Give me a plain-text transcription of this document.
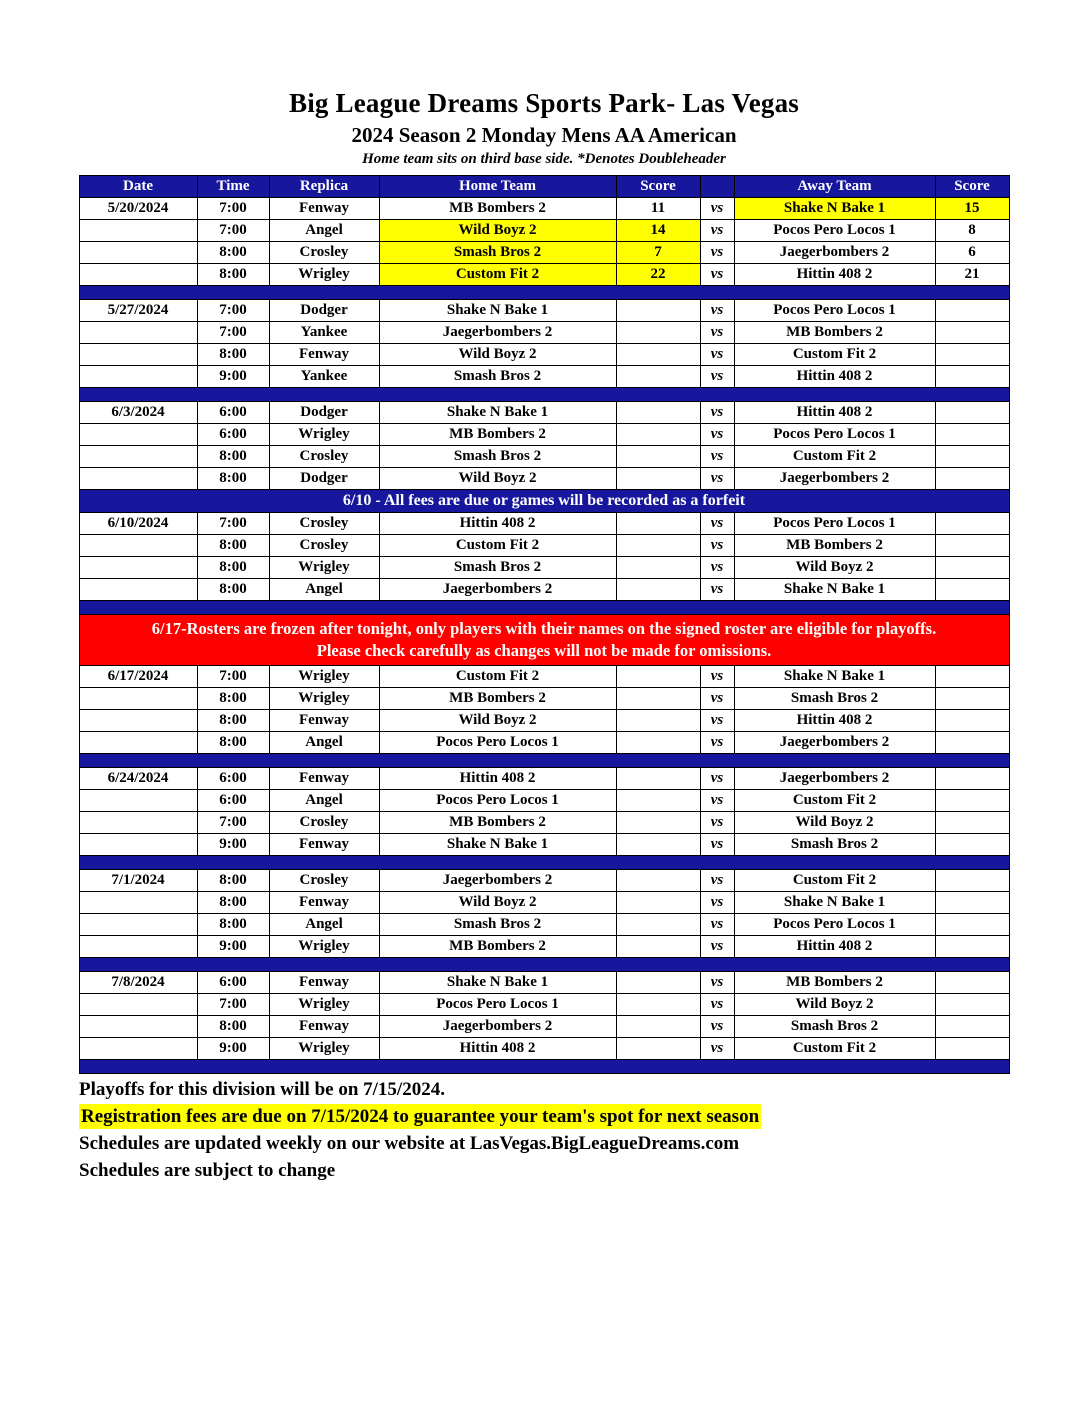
Big League Dreams Sports Park- Las Vegas
2024 Season 2 Monday Mens AA American
Home team sits on third base side. *Denotes Doubleheader
Date	Time	Replica	Home Team	Score		Away Team	Score
5/20/2024	7:00	Fenway	MB Bombers 2	11	vs	Shake N Bake 1	15
	7:00	Angel	Wild Boyz 2	14	vs	Pocos Pero Locos 1	8
	8:00	Crosley	Smash Bros 2	7	vs	Jaegerbombers 2	6
	8:00	Wrigley	Custom Fit 2	22	vs	Hittin 408 2	21

5/27/2024	7:00	Dodger	Shake N Bake 1		vs	Pocos Pero Locos 1	
	7:00	Yankee	Jaegerbombers 2		vs	MB Bombers 2	
	8:00	Fenway	Wild Boyz 2		vs	Custom Fit 2	
	9:00	Yankee	Smash Bros 2		vs	Hittin 408 2	

6/3/2024	6:00	Dodger	Shake N Bake 1		vs	Hittin 408 2	
	6:00	Wrigley	MB Bombers 2		vs	Pocos Pero Locos 1	
	8:00	Crosley	Smash Bros 2		vs	Custom Fit 2	
	8:00	Dodger	Wild Boyz 2		vs	Jaegerbombers 2	
6/10 - All fees are due or games will be recorded as a forfeit							
6/10/2024	7:00	Crosley	Hittin 408 2		vs	Pocos Pero Locos 1	
	8:00	Crosley	Custom Fit 2		vs	MB Bombers 2	
	8:00	Wrigley	Smash Bros 2		vs	Wild Boyz 2	
	8:00	Angel	Jaegerbombers 2		vs	Shake N Bake 1	

6/17-Rosters are frozen after tonight, only players with their names on the signed roster are eligible for playoffs.
Please check carefully as changes will not be made for omissions.							

6/17/2024	7:00	Wrigley	Custom Fit 2		vs	Shake N Bake 1	
	8:00	Wrigley	MB Bombers 2		vs	Smash Bros 2	
	8:00	Fenway	Wild Boyz 2		vs	Hittin 408 2	
	8:00	Angel	Pocos Pero Locos 1		vs	Jaegerbombers 2	

6/24/2024	6:00	Fenway	Hittin 408 2		vs	Jaegerbombers 2	
	6:00	Angel	Pocos Pero Locos 1		vs	Custom Fit 2	
	7:00	Crosley	MB Bombers 2		vs	Wild Boyz 2	
	9:00	Fenway	Shake N Bake 1		vs	Smash Bros 2	

7/1/2024	8:00	Crosley	Jaegerbombers 2		vs	Custom Fit 2	
	8:00	Fenway	Wild Boyz 2		vs	Shake N Bake 1	
	8:00	Angel	Smash Bros 2		vs	Pocos Pero Locos 1	
	9:00	Wrigley	MB Bombers 2		vs	Hittin 408 2	

7/8/2024	6:00	Fenway	Shake N Bake 1		vs	MB Bombers 2	
	7:00	Wrigley	Pocos Pero Locos 1		vs	Wild Boyz 2	
	8:00	Fenway	Jaegerbombers 2		vs	Smash Bros 2	
	9:00	Wrigley	Hittin 408 2		vs	Custom Fit 2	

Playoffs for this division will be on 7/15/2024.
Registration fees are due on 7/15/2024 to guarantee your team's spot for next season
Schedules are updated weekly on our website at LasVegas.BigLeagueDreams.com
Schedules are subject to change
